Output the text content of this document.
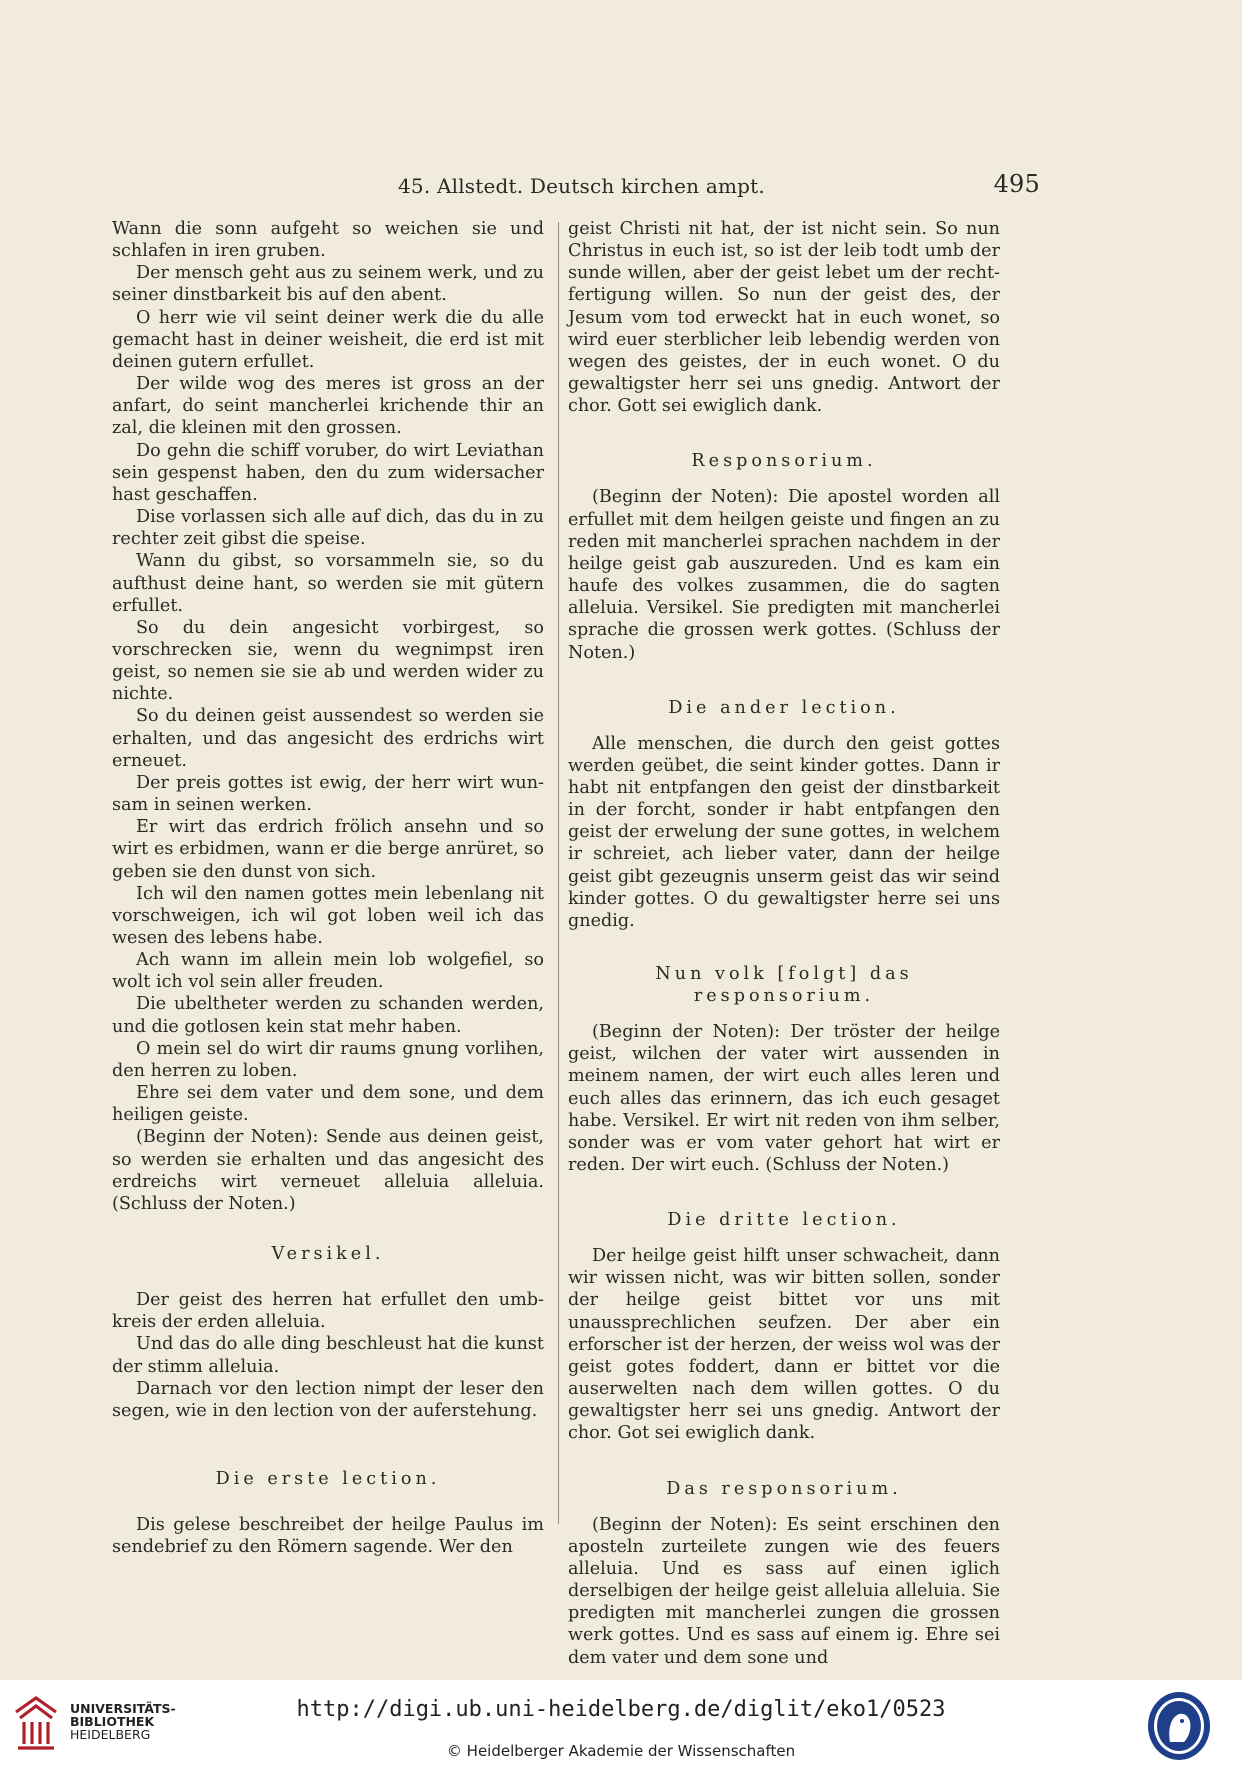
45. Allstedt. Deutsch kirchen ampt.	495

Wann die sonn aufgeht so weichen sie und schlafen in iren gruben.

Der mensch geht aus zu seinem werk, und zu seiner dinstbarkeit bis auf den abent.

O herr wie vil seint deiner werk die du alle gemacht hast in deiner weisheit, die erd ist mit deinen gutern erfullet.

Der wilde wog des meres ist gross an der anfart, do seint mancherlei krichende thir an zal, die kleinen mit den grossen.

Do gehn die schiff voruber, do wirt Leviathan sein gespenst haben, den du zum widersacher hast geschaffen.

Dise vorlassen sich alle auf dich, das du in zu rechter zeit gibst die speise.

Wann du gibst, so vorsammeln sie, so du aufthust deine hant, so werden sie mit gütern erfullet.

So du dein angesicht vorbirgest, so vorschrecken sie, wenn du wegnimpst iren geist, so nemen sie sie ab und werden wider zu nichte.

So du deinen geist aussendest so werden sie erhalten, und das angesicht des erdrichs wirt erneuet.

Der preis gottes ist ewig, der herr wirt wunsam in seinen werken.

Er wirt das erdrich frölich ansehn und so wirt es erbidmen, wann er die berge anrüret, so geben sie den dunst von sich.

Ich wil den namen gottes mein lebenlang nit vorschweigen, ich wil got loben weil ich das wesen des lebens habe.

Ach wann im allein mein lob wolgefiel, so wolt ich vol sein aller freuden.

Die ubeltheter werden zu schanden werden, und die gotlosen kein stat mehr haben.

O mein sel do wirt dir raums gnung vorlihen, den herren zu loben.

Ehre sei dem vater und dem sone, und dem heiligen geiste.

(Beginn der Noten): Sende aus deinen geist, so werden sie erhalten und das angesicht des erdreichs wirt verneuet alleluia alleluia. (Schluss der Noten.)

Versikel.

Der geist des herren hat erfullet den umbkreis der erden alleluia.

Und das do alle ding beschleust hat die kunst der stimm alleluia.

Darnach vor den lection nimpt der leser den segen, wie in den lection von der auferstehung.

Die erste lection.

Dis gelese beschreibet der heilge Paulus im sendebrief zu den Römern sagende. Wer den

geist Christi nit hat, der ist nicht sein. So nun Christus in euch ist, so ist der leib todt umb der sunde willen, aber der geist lebet um der rechtfertigung willen. So nun der geist des, der Jesum vom tod erweckt hat in euch wonet, so wird euer sterblicher leib lebendig werden von wegen des geistes, der in euch wonet. O du gewaltigster herr sei uns gnedig. Antwort der chor. Gott sei ewiglich dank.

Responsorium.

(Beginn der Noten): Die apostel worden all erfullet mit dem heilgen geiste und fingen an zu reden mit mancherlei sprachen nachdem in der heilge geist gab auszureden. Und es kam ein haufe des volkes zusammen, die do sagten alleluia. Versikel. Sie predigten mit mancherlei sprache die grossen werk gottes. (Schluss der Noten.)

Die ander lection.

Alle menschen, die durch den geist gottes werden geübet, die seint kinder gottes. Dann ir habt nit entpfangen den geist der dinstbarkeit in der forcht, sonder ir habt entpfangen den geist der erwelung der sune gottes, in welchem ir schreiet, ach lieber vater, dann der heilge geist gibt gezeugnis unserm geist das wir seind kinder gottes. O du gewaltigster herre sei uns gnedig.

Nun volk [folgt] das responsorium.

(Beginn der Noten): Der tröster der heilge geist, wilchen der vater wirt aussenden in meinem namen, der wirt euch alles leren und euch alles das erinnern, das ich euch gesaget habe. Versikel. Er wirt nit reden von ihm selber, sonder was er vom vater gehort hat wirt er reden. Der wirt euch. (Schluss der Noten.)

Die dritte lection.

Der heilge geist hilft unser schwacheit, dann wir wissen nicht, was wir bitten sollen, sonder der heilge geist bittet vor uns mit unaussprechlichen seufzen. Der aber ein erforscher ist der herzen, der weiss wol was der geist gotes foddert, dann er bittet vor die auserwelten nach dem willen gottes. O du gewaltigster herr sei uns gnedig. Antwort der chor. Got sei ewiglich dank.

Das responsorium.

(Beginn der Noten): Es seint erschinen den aposteln zurteilete zungen wie des feuers alleluia. Und es sass auf einen iglich derselbigen der heilge geist alleluia alleluia. Sie predigten mit mancherlei zungen die grossen werk gottes. Und es sass auf einem ig. Ehre sei dem vater und dem sone und

UNIVERSITÄTS-
BIBLIOTHEK
HEIDELBERG
http://digi.ub.uni-heidelberg.de/diglit/eko1/0523
© Heidelberger Akademie der Wissenschaften
